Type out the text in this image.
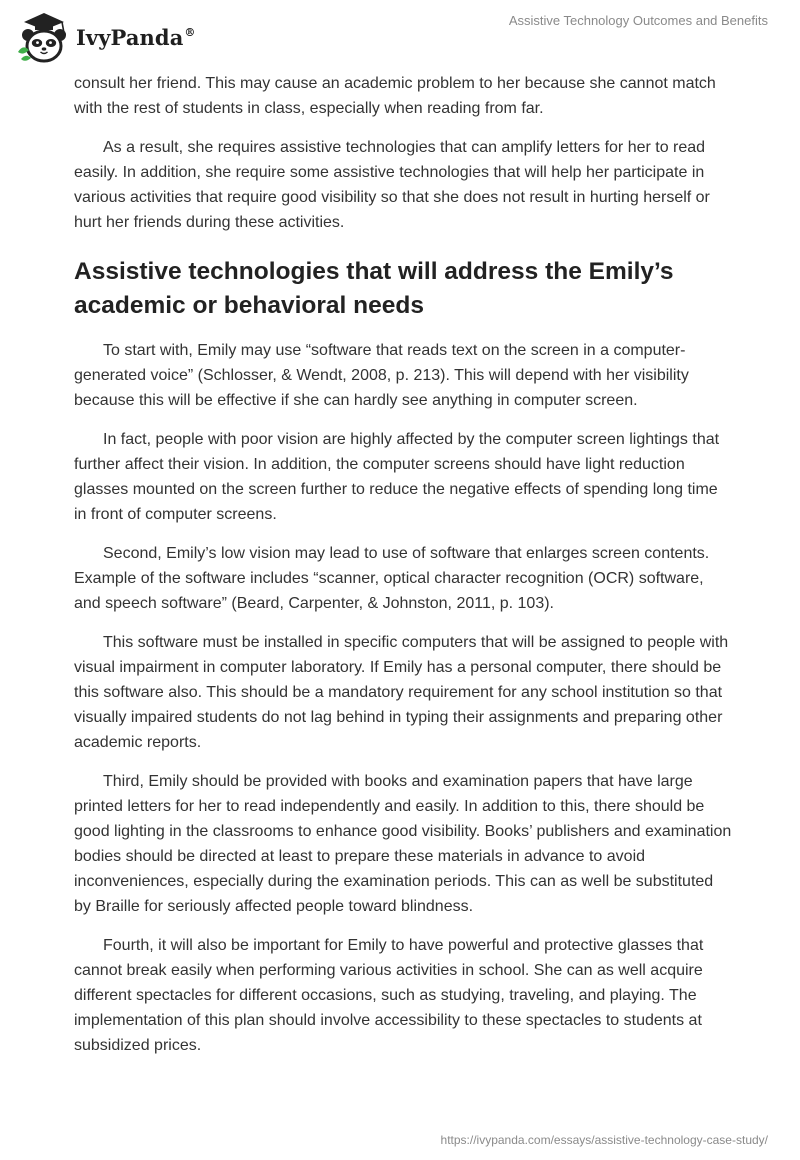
IvyPanda®
Assistive Technology Outcomes and Benefits

consult her friend. This may cause an academic problem to her because she cannot match with the rest of students in class, especially when reading from far.

As a result, she requires assistive technologies that can amplify letters for her to read easily. In addition, she require some assistive technologies that will help her participate in various activities that require good visibility so that she does not result in hurting herself or hurt her friends during these activities.

Assistive technologies that will address the Emily’s academic or behavioral needs

To start with, Emily may use “software that reads text on the screen in a computer-generated voice” (Schlosser, & Wendt, 2008, p. 213). This will depend with her visibility because this will be effective if she can hardly see anything in computer screen.

In fact, people with poor vision are highly affected by the computer screen lightings that further affect their vision. In addition, the computer screens should have light reduction glasses mounted on the screen further to reduce the negative effects of spending long time in front of computer screens.

Second, Emily’s low vision may lead to use of software that enlarges screen contents. Example of the software includes “scanner, optical character recognition (OCR) software, and speech software” (Beard, Carpenter, & Johnston, 2011, p. 103).

This software must be installed in specific computers that will be assigned to people with visual impairment in computer laboratory. If Emily has a personal computer, there should be this software also. This should be a mandatory requirement for any school institution so that visually impaired students do not lag behind in typing their assignments and preparing other academic reports.

Third, Emily should be provided with books and examination papers that have large printed letters for her to read independently and easily. In addition to this, there should be good lighting in the classrooms to enhance good visibility. Books’ publishers and examination bodies should be directed at least to prepare these materials in advance to avoid inconveniences, especially during the examination periods. This can as well be substituted by Braille for seriously affected people toward blindness.

Fourth, it will also be important for Emily to have powerful and protective glasses that cannot break easily when performing various activities in school. She can as well acquire different spectacles for different occasions, such as studying, traveling, and playing. The implementation of this plan should involve accessibility to these spectacles to students at subsidized prices.

https://ivypanda.com/essays/assistive-technology-case-study/
